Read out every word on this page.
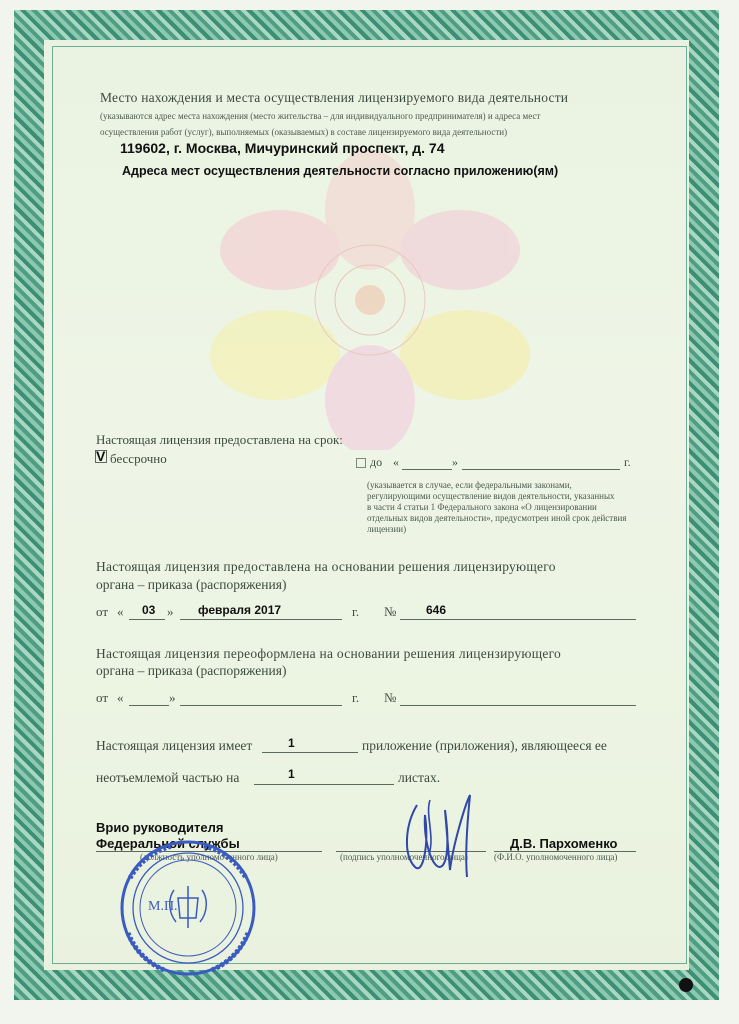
Место нахождения и места осуществления лицензируемого вида деятельности
(указываются адрес места нахождения (место жительства – для индивидуального предпринимателя) и адреса мест
осуществления работ (услуг), выполняемых (оказываемых) в составе лицензируемого вида деятельности)
119602, г. Москва, Мичуринский проспект, д. 74
Адреса мест осуществления деятельности согласно приложению(ям)
Настоящая лицензия предоставлена на срок:
V бессрочно	до «	»	г.
(указывается в случае, если федеральными законами,
регулирующими осуществление видов деятельности, указанных
в части 4 статьи 1 Федерального закона «О лицензировании
отдельных видов деятельности», предусмотрен иной срок действия
лицензии)
Настоящая лицензия предоставлена на основании решения лицензирующего
органа – приказа (распоряжения)
от « 03 » февраля 2017	г. № 646
Настоящая лицензия переоформлена на основании решения лицензирующего
органа – приказа (распоряжения)
от «	»	г. №
Настоящая лицензия имеет	1	приложение (приложения), являющееся ее
неотъемлемой частью на	1	листах.
Врио руководителя
Федеральной службы
(должность уполномоченного лица)	(подпись уполномоченного лица)
Д.В. Пархоменко
(Ф.И.О. уполномоченного лица)
М.П.
